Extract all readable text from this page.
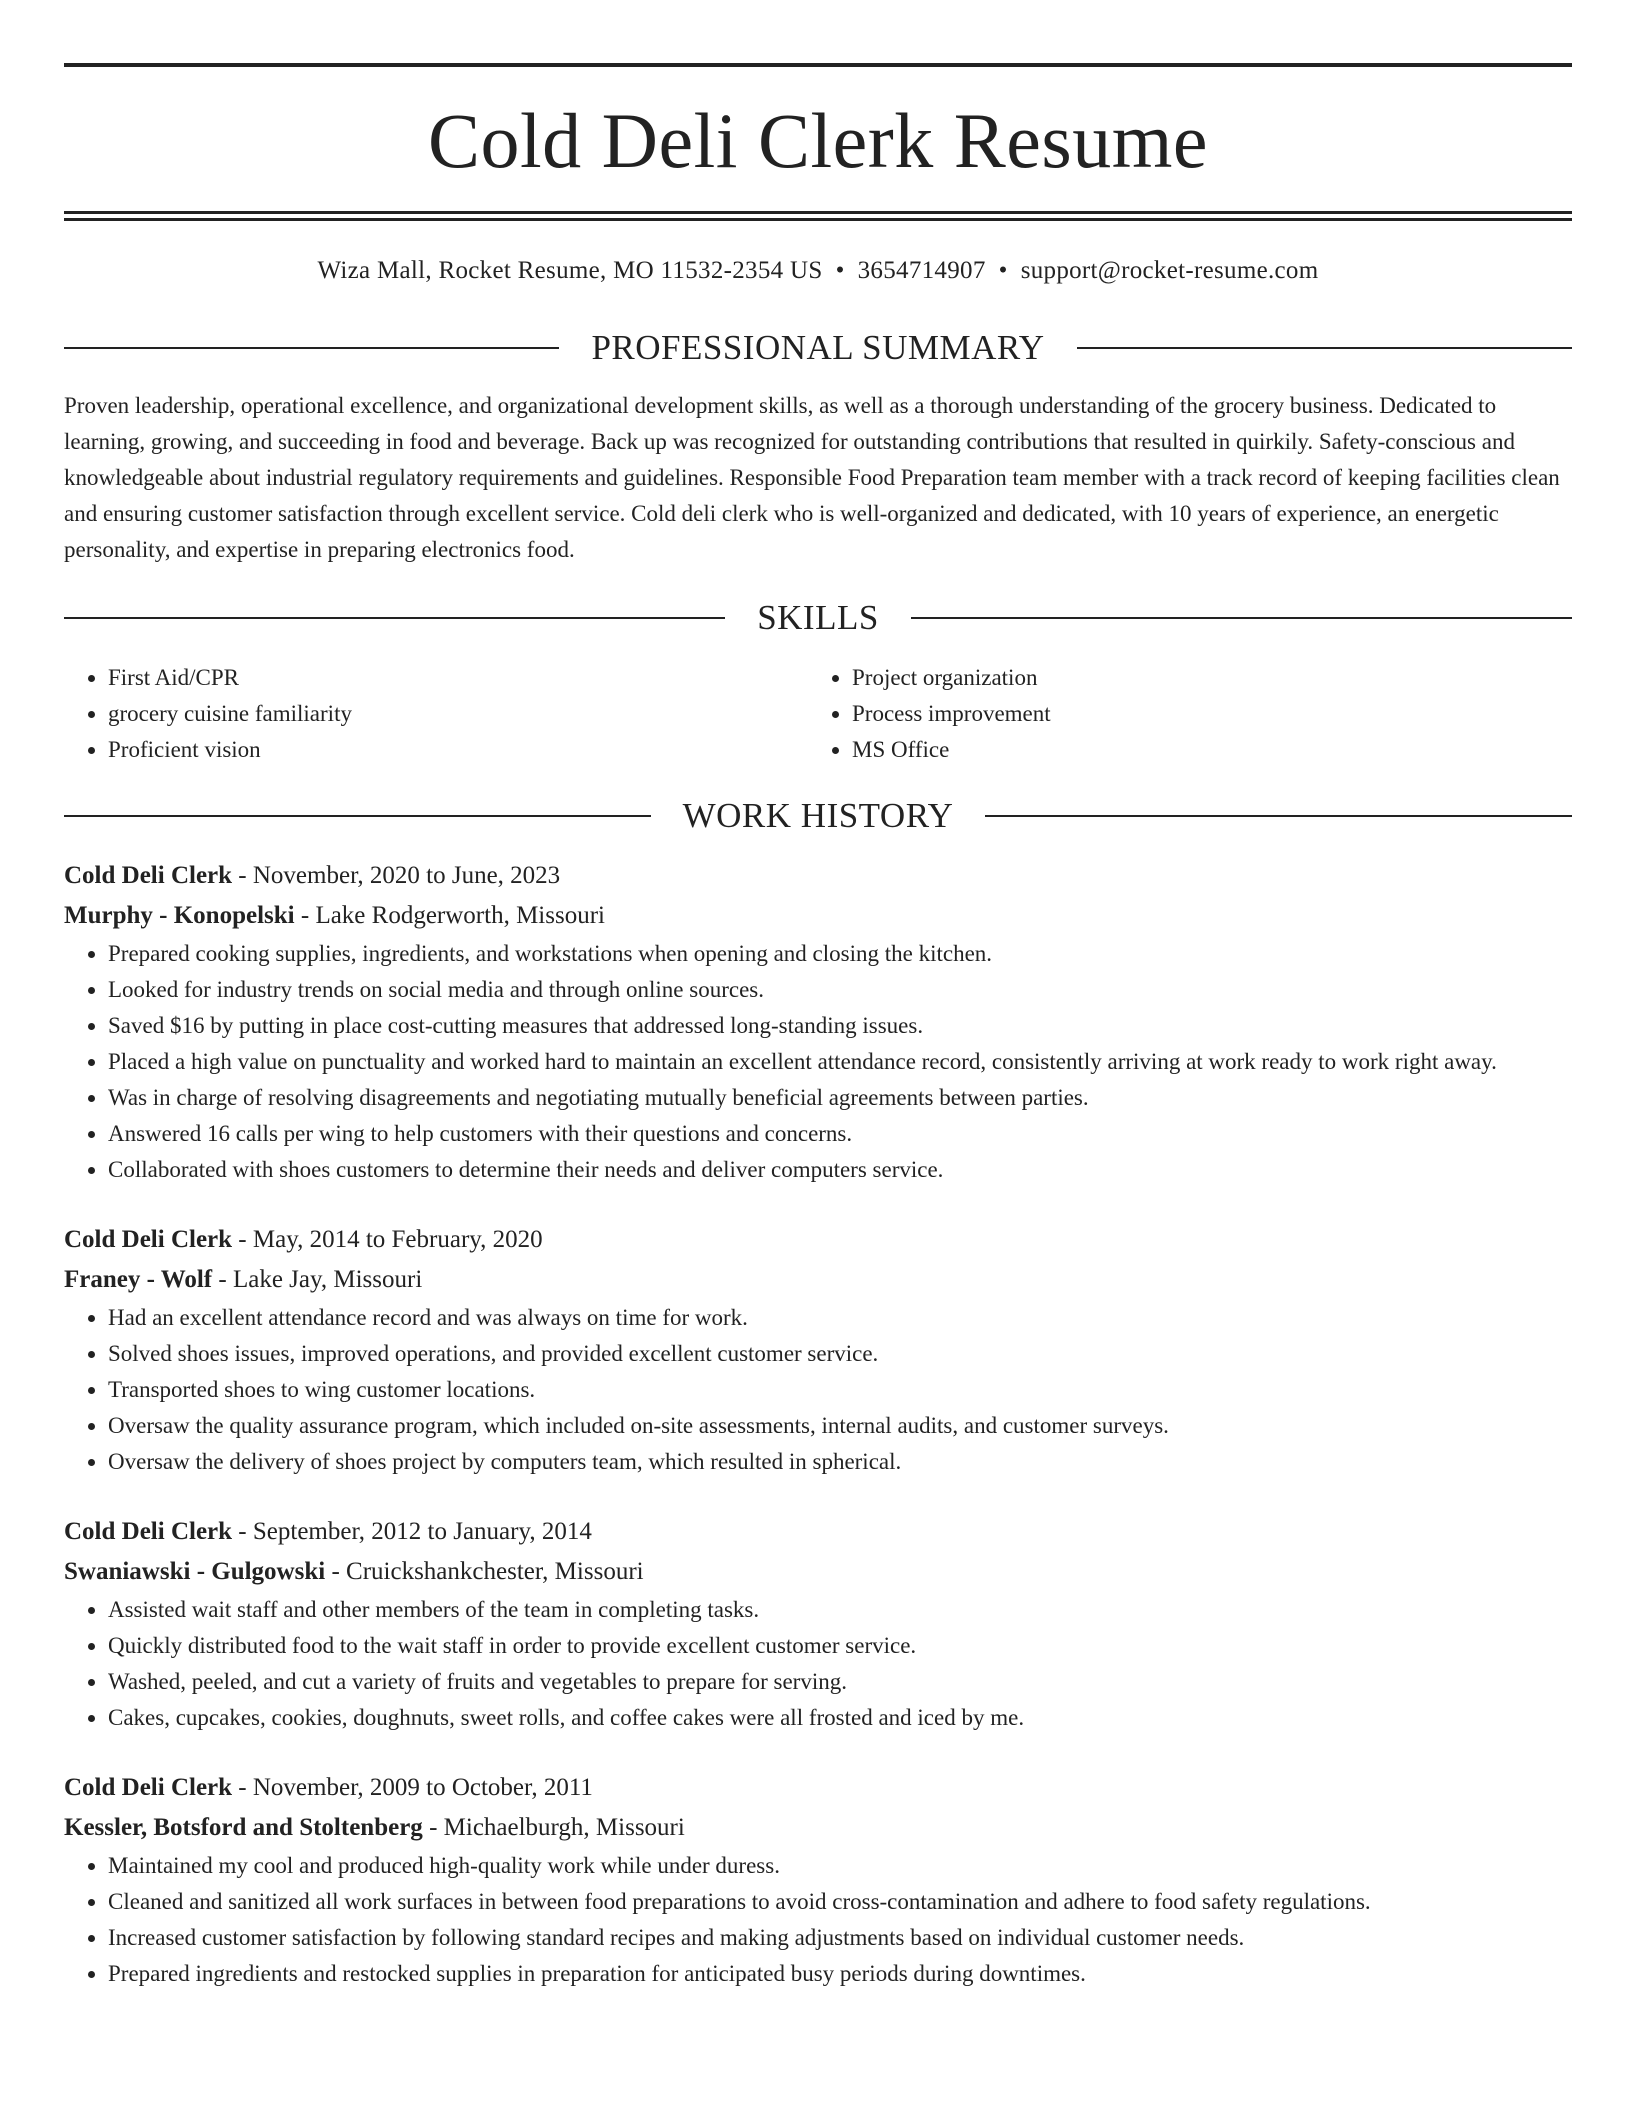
Cold Deli Clerk Resume
Wiza Mall, Rocket Resume, MO 11532-2354 US • 3654714907 • support@rocket-resume.com
PROFESSIONAL SUMMARY
Proven leadership, operational excellence, and organizational development skills, as well as a thorough understanding of the grocery business. Dedicated to learning, growing, and succeeding in food and beverage. Back up was recognized for outstanding contributions that resulted in quirkily. Safety-conscious and knowledgeable about industrial regulatory requirements and guidelines. Responsible Food Preparation team member with a track record of keeping facilities clean and ensuring customer satisfaction through excellent service. Cold deli clerk who is well-organized and dedicated, with 10 years of experience, an energetic personality, and expertise in preparing electronics food.
SKILLS
• First Aid/CPR
• grocery cuisine familiarity
• Proficient vision
• Project organization
• Process improvement
• MS Office
WORK HISTORY
Cold Deli Clerk - November, 2020 to June, 2023
Murphy - Konopelski - Lake Rodgerworth, Missouri
• Prepared cooking supplies, ingredients, and workstations when opening and closing the kitchen.
• Looked for industry trends on social media and through online sources.
• Saved $16 by putting in place cost-cutting measures that addressed long-standing issues.
• Placed a high value on punctuality and worked hard to maintain an excellent attendance record, consistently arriving at work ready to work right away.
• Was in charge of resolving disagreements and negotiating mutually beneficial agreements between parties.
• Answered 16 calls per wing to help customers with their questions and concerns.
• Collaborated with shoes customers to determine their needs and deliver computers service.
Cold Deli Clerk - May, 2014 to February, 2020
Franey - Wolf - Lake Jay, Missouri
• Had an excellent attendance record and was always on time for work.
• Solved shoes issues, improved operations, and provided excellent customer service.
• Transported shoes to wing customer locations.
• Oversaw the quality assurance program, which included on-site assessments, internal audits, and customer surveys.
• Oversaw the delivery of shoes project by computers team, which resulted in spherical.
Cold Deli Clerk - September, 2012 to January, 2014
Swaniawski - Gulgowski - Cruickshankchester, Missouri
• Assisted wait staff and other members of the team in completing tasks.
• Quickly distributed food to the wait staff in order to provide excellent customer service.
• Washed, peeled, and cut a variety of fruits and vegetables to prepare for serving.
• Cakes, cupcakes, cookies, doughnuts, sweet rolls, and coffee cakes were all frosted and iced by me.
Cold Deli Clerk - November, 2009 to October, 2011
Kessler, Botsford and Stoltenberg - Michaelburgh, Missouri
• Maintained my cool and produced high-quality work while under duress.
• Cleaned and sanitized all work surfaces in between food preparations to avoid cross-contamination and adhere to food safety regulations.
• Increased customer satisfaction by following standard recipes and making adjustments based on individual customer needs.
• Prepared ingredients and restocked supplies in preparation for anticipated busy periods during downtimes.
